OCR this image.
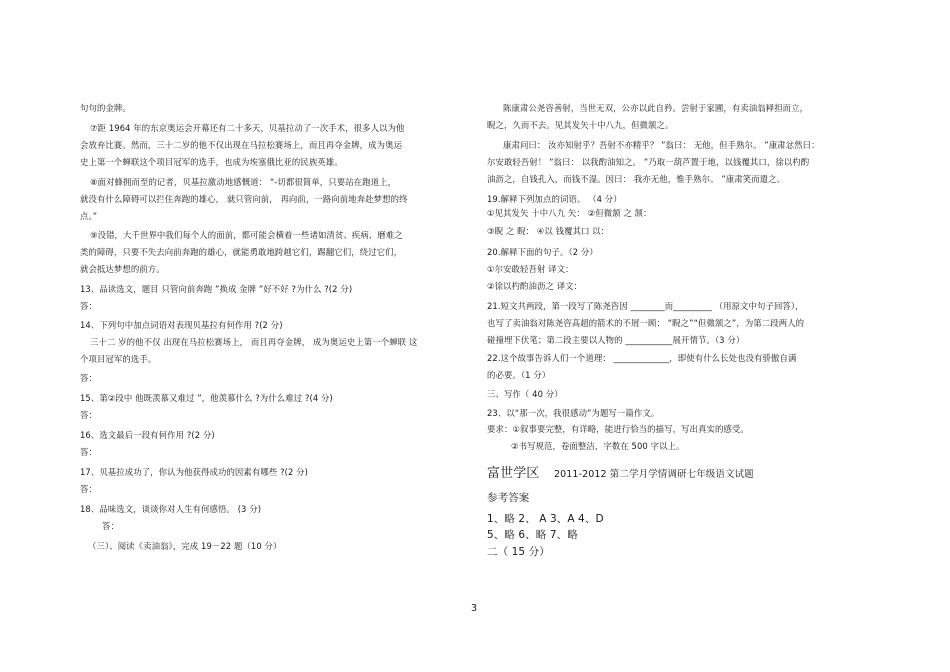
句句的金牌。
⑦距 1964 年的东京奥运会开幕还有二十多天，贝基拉动了一次手术，很多人以为他
会放弃比赛。然而，三十二岁的他不仅出现在马拉松赛场上，而且再夺金牌，成为奥运
史上第一个蝉联这个项目冠军的选手，也成为埃塞俄比亚的民族英雄。
⑧面对蜂拥而至的记者，贝基拉激动地感慨道： “-切都很简单，只要站在跑道上，
就没有什么障碍可以拦住奔跑的雄心， 就只管向前， 再向前，一路向前地奔赴梦想的终
点。”
⑨没错，大千世界中我们每个人的面前，都可能会横着一些诸如清贫、疾病、磨难之
类的障碍，只要不失去向前奔跑的雄心，就能勇敢地跨越它们，踢翻它们，绕过它们，
就会抵达梦想的前方。
13、品读选文，题目 只管向前奔跑 ”换成 金牌 ”好不好 ?为什么 ?(2 分)
答：
14、下列句中加点词语对表现贝基拉有何作用 ?(2 分)
三十二 岁的他不仅 出现在马拉松赛场上， 而且再夺金牌， 成为奥运史上第一个蝉联 这
个项目冠军的选手。
答：
15、第②段中 他既羡慕又难过 ”，他羡慕什么 ?为什么难过 ?(4 分)
答：
16、选文最后一段有何作用 ?(2 分)
答：
17、贝基拉成功了，你认为他获得成功的因素有哪些 ?(2 分)
答：
18、品味选文，谈谈你对人生有何感悟。 (3 分)
答：
（三）、阅读《卖油翁》，完成 19－22 题（10 分）
陈康肃公尧咨善射，当世无双，公亦以此自矜。尝射于家圃，有卖油翁释担而立，
睨之，久而不去。见其发矢十中八九，但微颔之。
康肃问曰： 汝亦知射乎？吾射不亦精乎？ ”翁曰： 无他，但手熟尔。 ”康肃忿然曰：
尔安敢轻吾射！ ”翁曰： 以我酌油知之。 ”乃取一葫芦置于地，以钱覆其口，徐以杓酌
油沥之，自钱孔入，而钱不湿。因曰： 我亦无他，惟手熟尔。 ”康肃笑而遣之。
19.解释下列加点的词语。 （4 分）
①见其发矢 十中八九 矢： ②但微颔 之 颔：
③睨 之 睨： ④以 钱覆其口 以：
20.解释下面的句子。（2 分）
①尔安敢轻吾射 译文：
②徐以杓酌油沥之 译文：
21.短文共两段，第一段写了陈尧咨因 ________而_________ （用原文中句子回答），
也写了卖油翁对陈尧咨高超的箭术的不屑一顾： “睨之”“但微颔之”，为第二段两人的
碰撞埋下伏笔；第二段主要以人物的 ___________展开情节。（3 分）
22.这个故事告诉人们一个道理： _____________，即使有什么长处也没有骄傲自满
的必要。（1 分）
三、写作（ 40 分）
23、以“那一次，我很感动”为题写一篇作文。
要求：①叙事要完整，有详略，能进行恰当的描写，写出真实的感受。
②书写规范，卷面整洁，字数在 500 字以上。
富世学区 2011-2012 第二学月学情调研七年级语文试题
参考答案
1、略 2、 A 3、A 4、D
5、略 6、略 7、略
二（ 15 分）
3
